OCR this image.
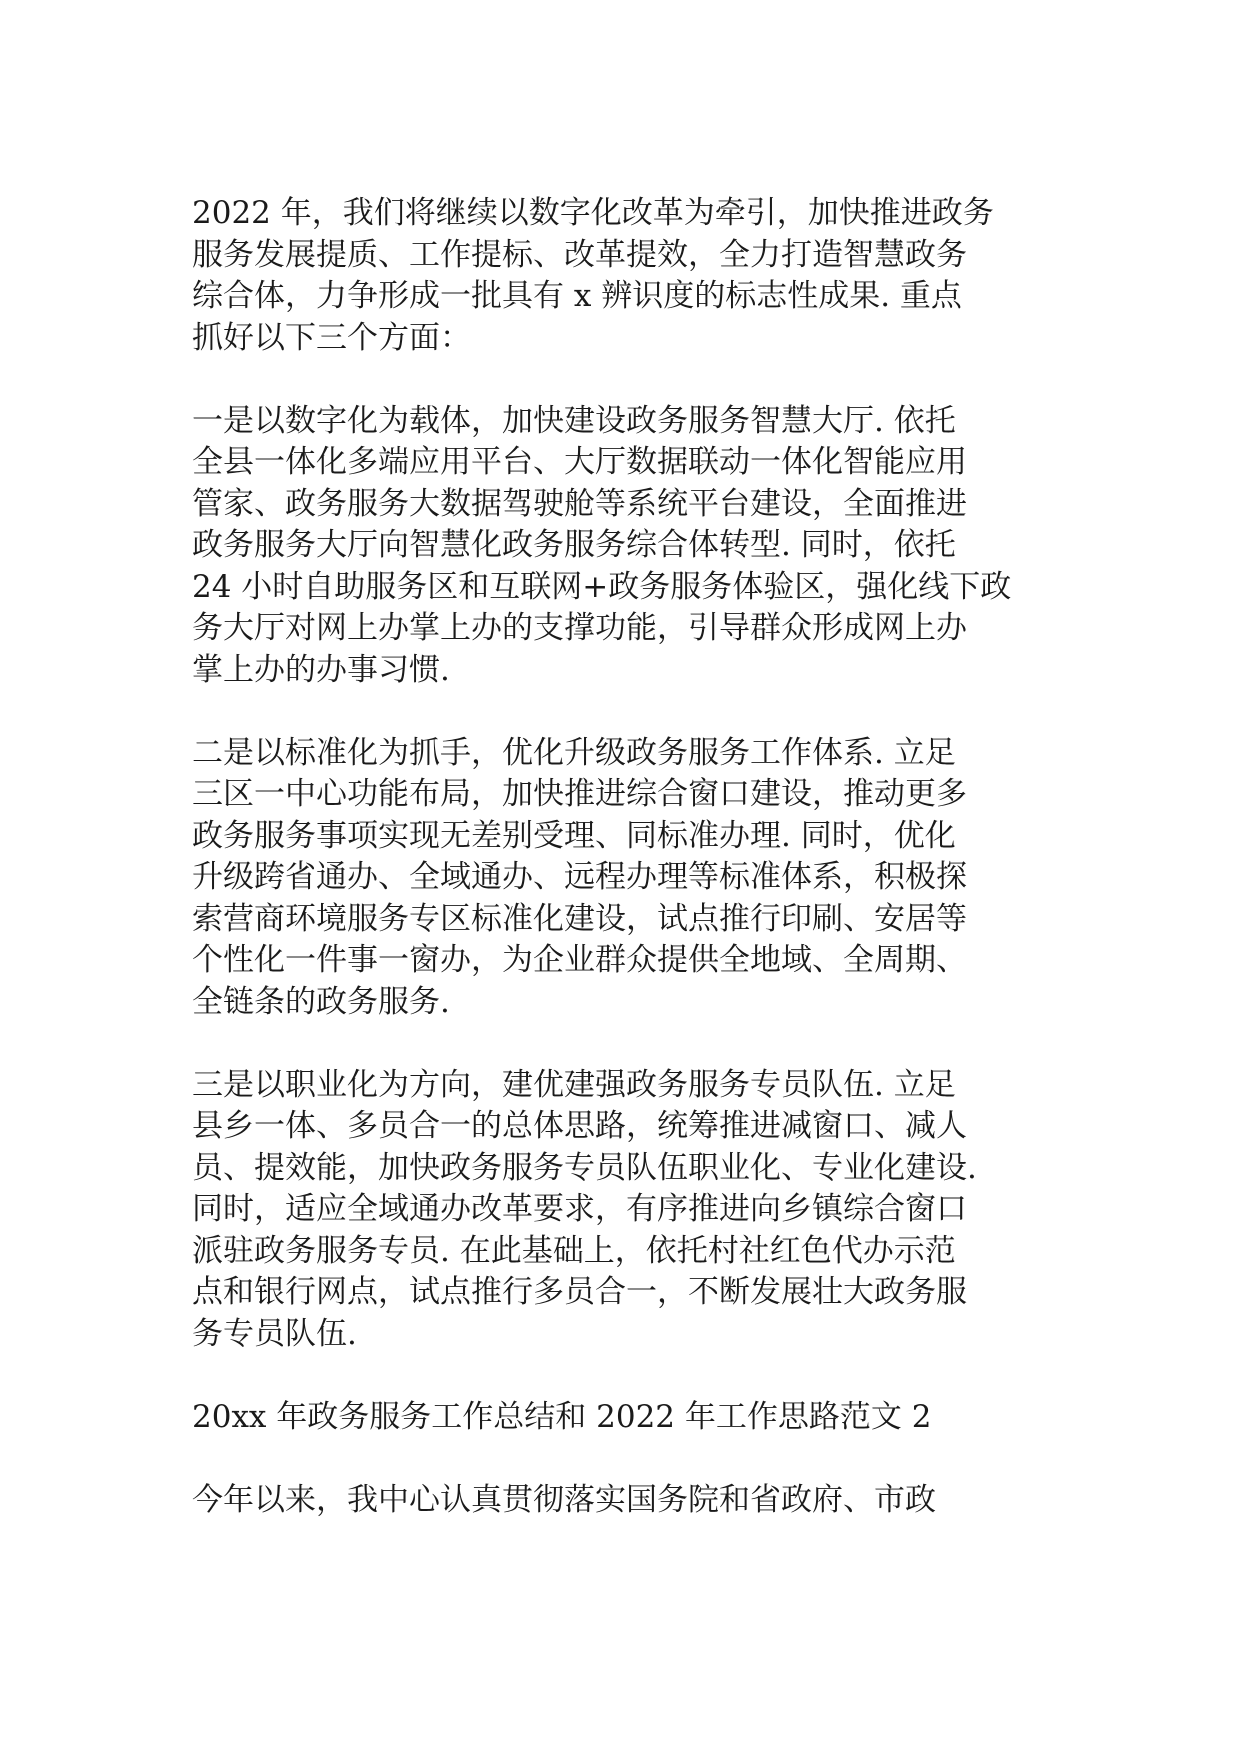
2022 年，我们将继续以数字化改革为牵引，加快推进政务
服务发展提质、工作提标、改革提效，全力打造智慧政务
综合体，力争形成一批具有 x 辨识度的标志性成果. 重点
抓好以下三个方面：
一是以数字化为载体，加快建设政务服务智慧大厅. 依托
全县一体化多端应用平台、大厅数据联动一体化智能应用
管家、政务服务大数据驾驶舱等系统平台建设，全面推进
政务服务大厅向智慧化政务服务综合体转型. 同时，依托
24 小时自助服务区和互联网+政务服务体验区，强化线下政
务大厅对网上办掌上办的支撑功能，引导群众形成网上办
掌上办的办事习惯.
二是以标准化为抓手，优化升级政务服务工作体系. 立足
三区一中心功能布局，加快推进综合窗口建设，推动更多
政务服务事项实现无差别受理、同标准办理. 同时，优化
升级跨省通办、全域通办、远程办理等标准体系，积极探
索营商环境服务专区标准化建设，试点推行印刷、安居等
个性化一件事一窗办，为企业群众提供全地域、全周期、
全链条的政务服务.
三是以职业化为方向，建优建强政务服务专员队伍. 立足
县乡一体、多员合一的总体思路，统筹推进减窗口、减人
员、提效能，加快政务服务专员队伍职业化、专业化建设.
同时，适应全域通办改革要求，有序推进向乡镇综合窗口
派驻政务服务专员. 在此基础上，依托村社红色代办示范
点和银行网点，试点推行多员合一，不断发展壮大政务服
务专员队伍.
20xx 年政务服务工作总结和 2022 年工作思路范文 2
今年以来，我中心认真贯彻落实国务院和省政府、市政
